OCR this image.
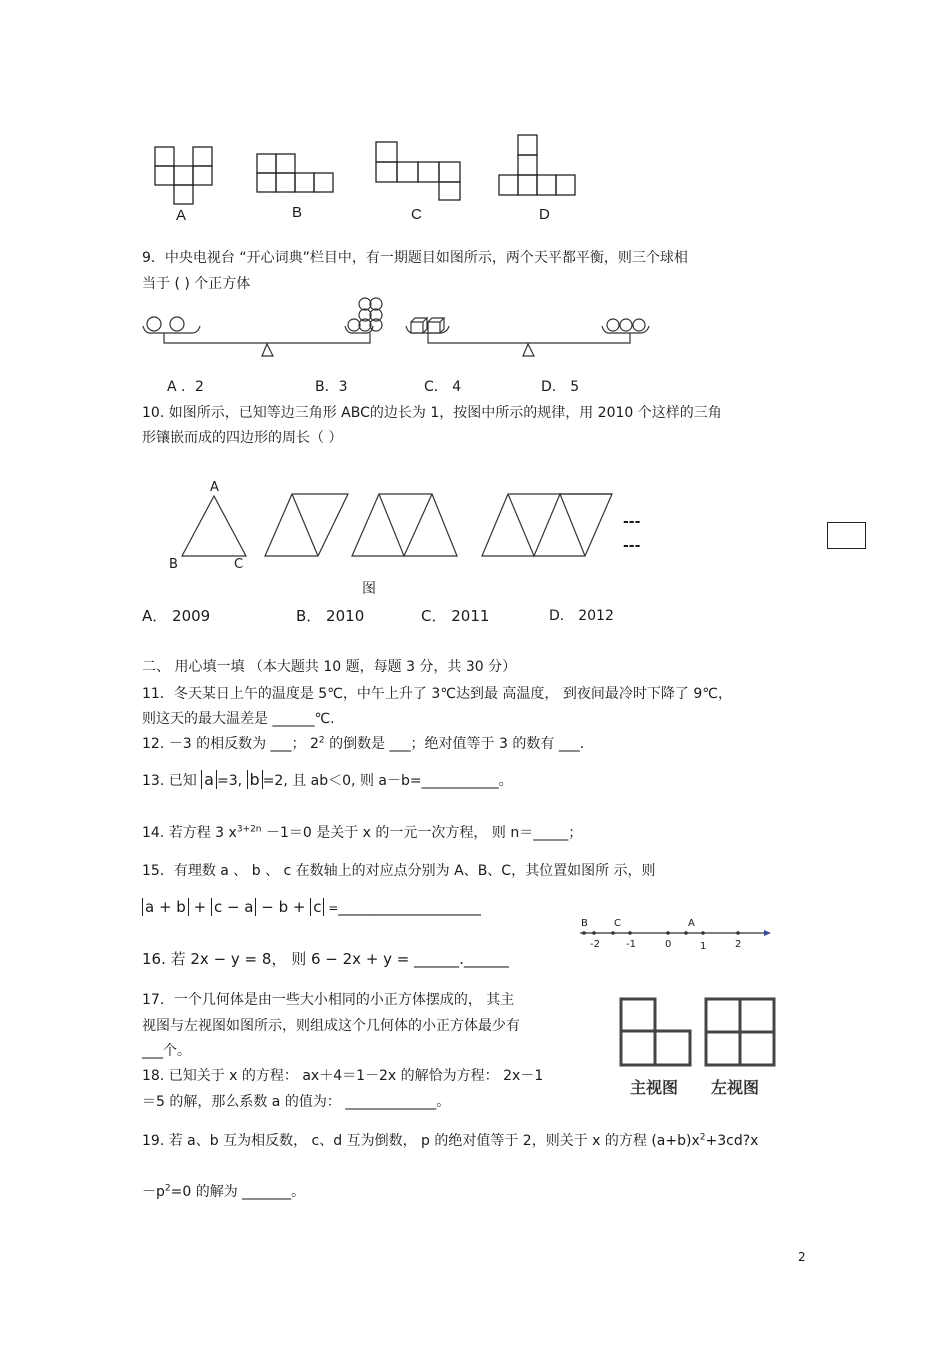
A	B	C	D
9．中央电视台 “开心词典”栏目中，有一期题目如图所示，两个天平都平衡，则三个球相
当于 ( ) 个正方体
A ．2	B．3	C． 4	D． 5
10. 如图所示，已知等边三角形 ABC的边长为 1，按图中所示的规律，用 2010 个这样的三角
形镶嵌而成的四边形的周长（ ）
A
B	C
---
---
图
A． 2009	B． 2010	C． 2011	D． 2012
二、 用心填一填 （本大题共 10 题，每题 3 分，共 30 分）
11．冬天某日上午的温度是 5℃，中午上升了 3℃达到最 高温度， 到夜间最冷时下降了 9℃，
则这天的最大温差是 ______℃.
12. －3 的相反数为 ___； $2^2$ 的倒数是 ___；绝对值等于 3 的数有 ___.
13. 已知 a =3, b =2, 且 ab＜0, 则 a－b=___________。
14. 若方程 3 $x^{3+2n} -1=0$ 是关于 x 的一元一次方程， 则 n＝_____；
15．有理数 a 、 b 、 c 在数轴上的对应点分别为 A、B、C，其位置如图所 示，则
a + b + c − a − b + c =___________________
B	C	A
-2	-1	0	1	2
16. 若 2x − y = 8， 则 6 − 2x + y = ______.______
17．一个几何体是由一些大小相同的小正方体摆成的， 其主
视图与左视图如图所示，则组成这个几何体的小正方体最少有
___个。
主视图 左视图
18. 已知关于 x 的方程： ax＋4＝1－2x 的解恰为方程： 2x－1
＝5 的解，那么系数 a 的值为： _____________。
19. 若 a、b 互为相反数， c、d 互为倒数， p 的绝对值等于 2，则关于 x 的方程 $(a+b)x^2+3cd?x$
$-p^2=0$ 的解为 _______。
2
